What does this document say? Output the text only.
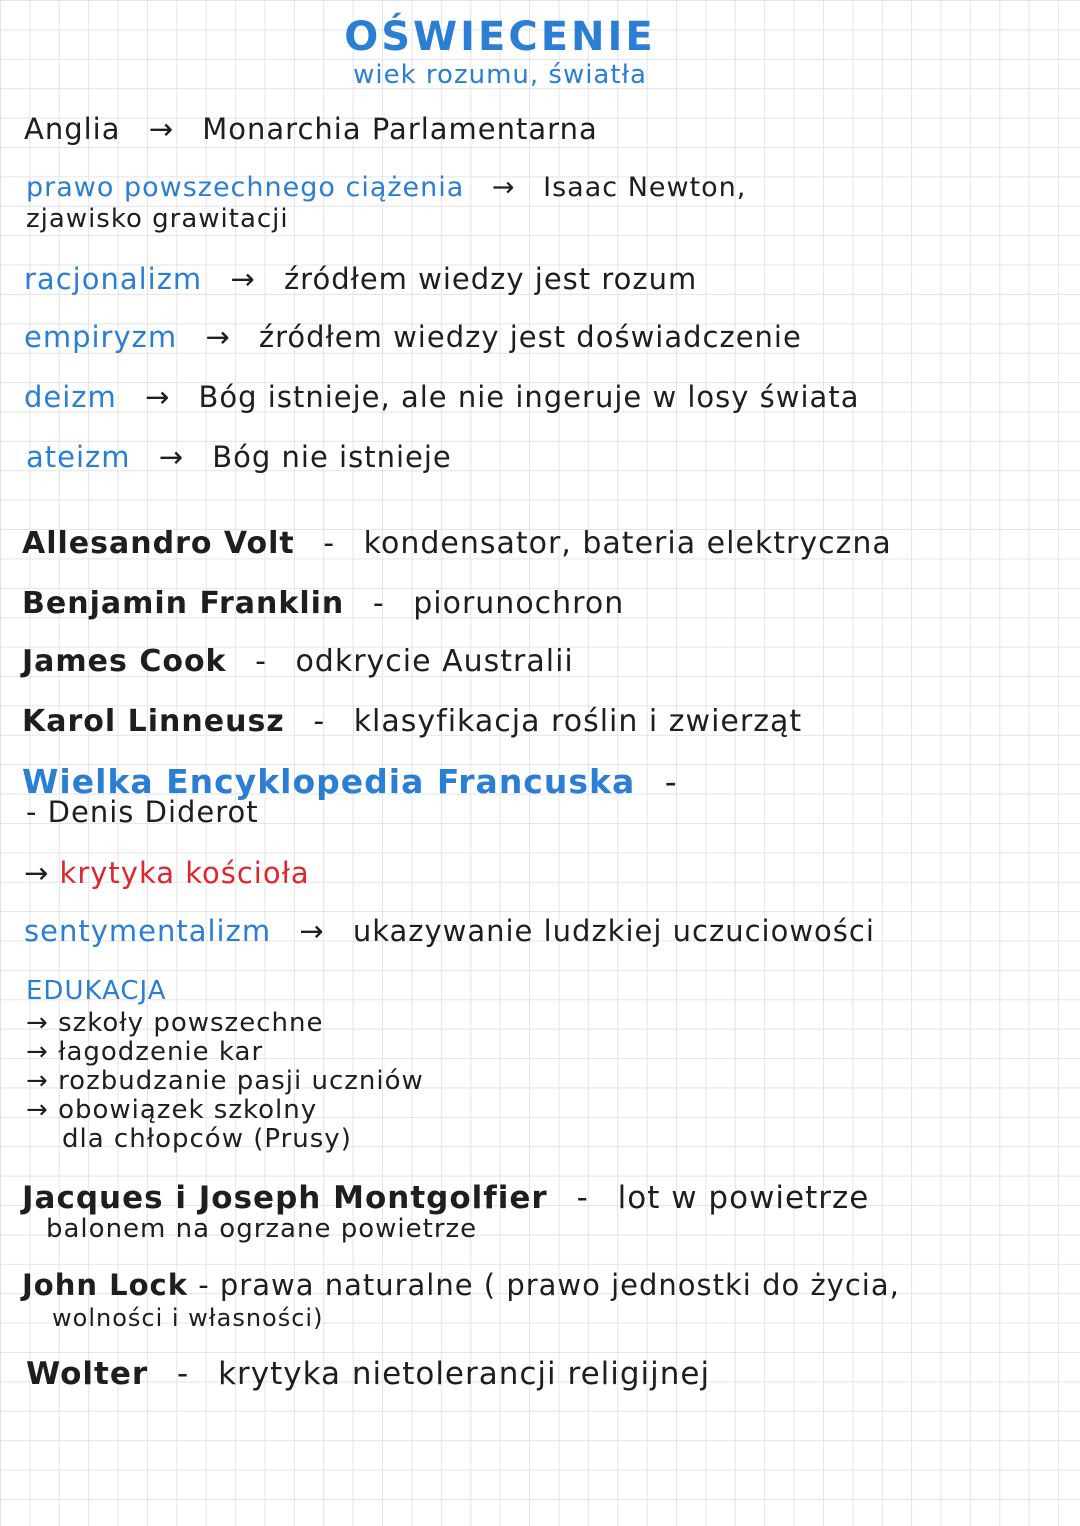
OŚWIECENIE
wiek rozumu, światła
Anglia → Monarchia Parlamentarna
prawo powszechnego ciążenia → Isaac Newton,
zjawisko grawitacji
racjonalizm → źródłem wiedzy jest rozum
empiryzm → źródłem wiedzy jest doświadczenie
deizm → Bóg istnieje, ale nie ingeruje w losy świata
ateizm → Bóg nie istnieje
Allesandro Volt - kondensator, bateria elektryczna
Benjamin Franklin - piorunochron
James Cook - odkrycie Australii
Karol Linneusz - klasyfikacja roślin i zwierząt
Wielka Encyklopedia Francuska -
- Denis Diderot
→ krytyka kościoła
sentymentalizm → ukazywanie ludzkiej uczuciowości
EDUKACJA
→ szkoły powszechne
→ łagodzenie kar
→ rozbudzanie pasji uczniów
→ obowiązek szkolny
dla chłopców (Prusy)
Jacques i Joseph Montgolfier - lot w powietrze
balonem na ogrzane powietrze
John Lock - prawa naturalne ( prawo jednostki do życia,
wolności i własności)
Wolter - krytyka nietolerancji religijnej
